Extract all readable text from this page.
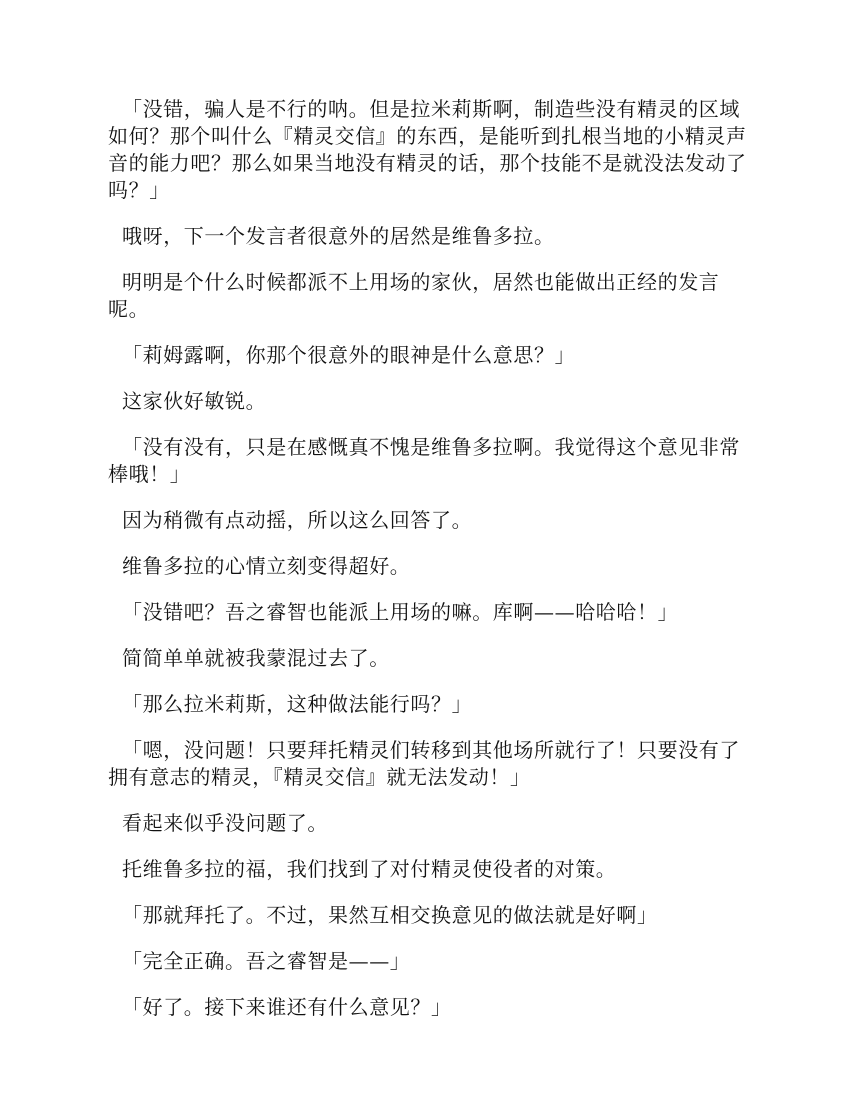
「没错，骗人是不行的呐。但是拉米莉斯啊，制造些没有精灵的区域如何？那个叫什么『精灵交信』的东西，是能听到扎根当地的小精灵声音的能力吧？那么如果当地没有精灵的话，那个技能不是就没法发动了吗？」

哦呀，下一个发言者很意外的居然是维鲁多拉。

明明是个什么时候都派不上用场的家伙，居然也能做出正经的发言呢。

「莉姆露啊，你那个很意外的眼神是什么意思？」

这家伙好敏锐。

「没有没有，只是在感慨真不愧是维鲁多拉啊。我觉得这个意见非常棒哦！」

因为稍微有点动摇，所以这么回答了。

维鲁多拉的心情立刻变得超好。

「没错吧？吾之睿智也能派上用场的嘛。库啊——哈哈哈！」

简简单单就被我蒙混过去了。

「那么拉米莉斯，这种做法能行吗？」

「嗯，没问题！只要拜托精灵们转移到其他场所就行了！只要没有了拥有意志的精灵，『精灵交信』就无法发动！」

看起来似乎没问题了。

托维鲁多拉的福，我们找到了对付精灵使役者的对策。

「那就拜托了。不过，果然互相交换意见的做法就是好啊」

「完全正确。吾之睿智是——」

「好了。接下来谁还有什么意见？」
